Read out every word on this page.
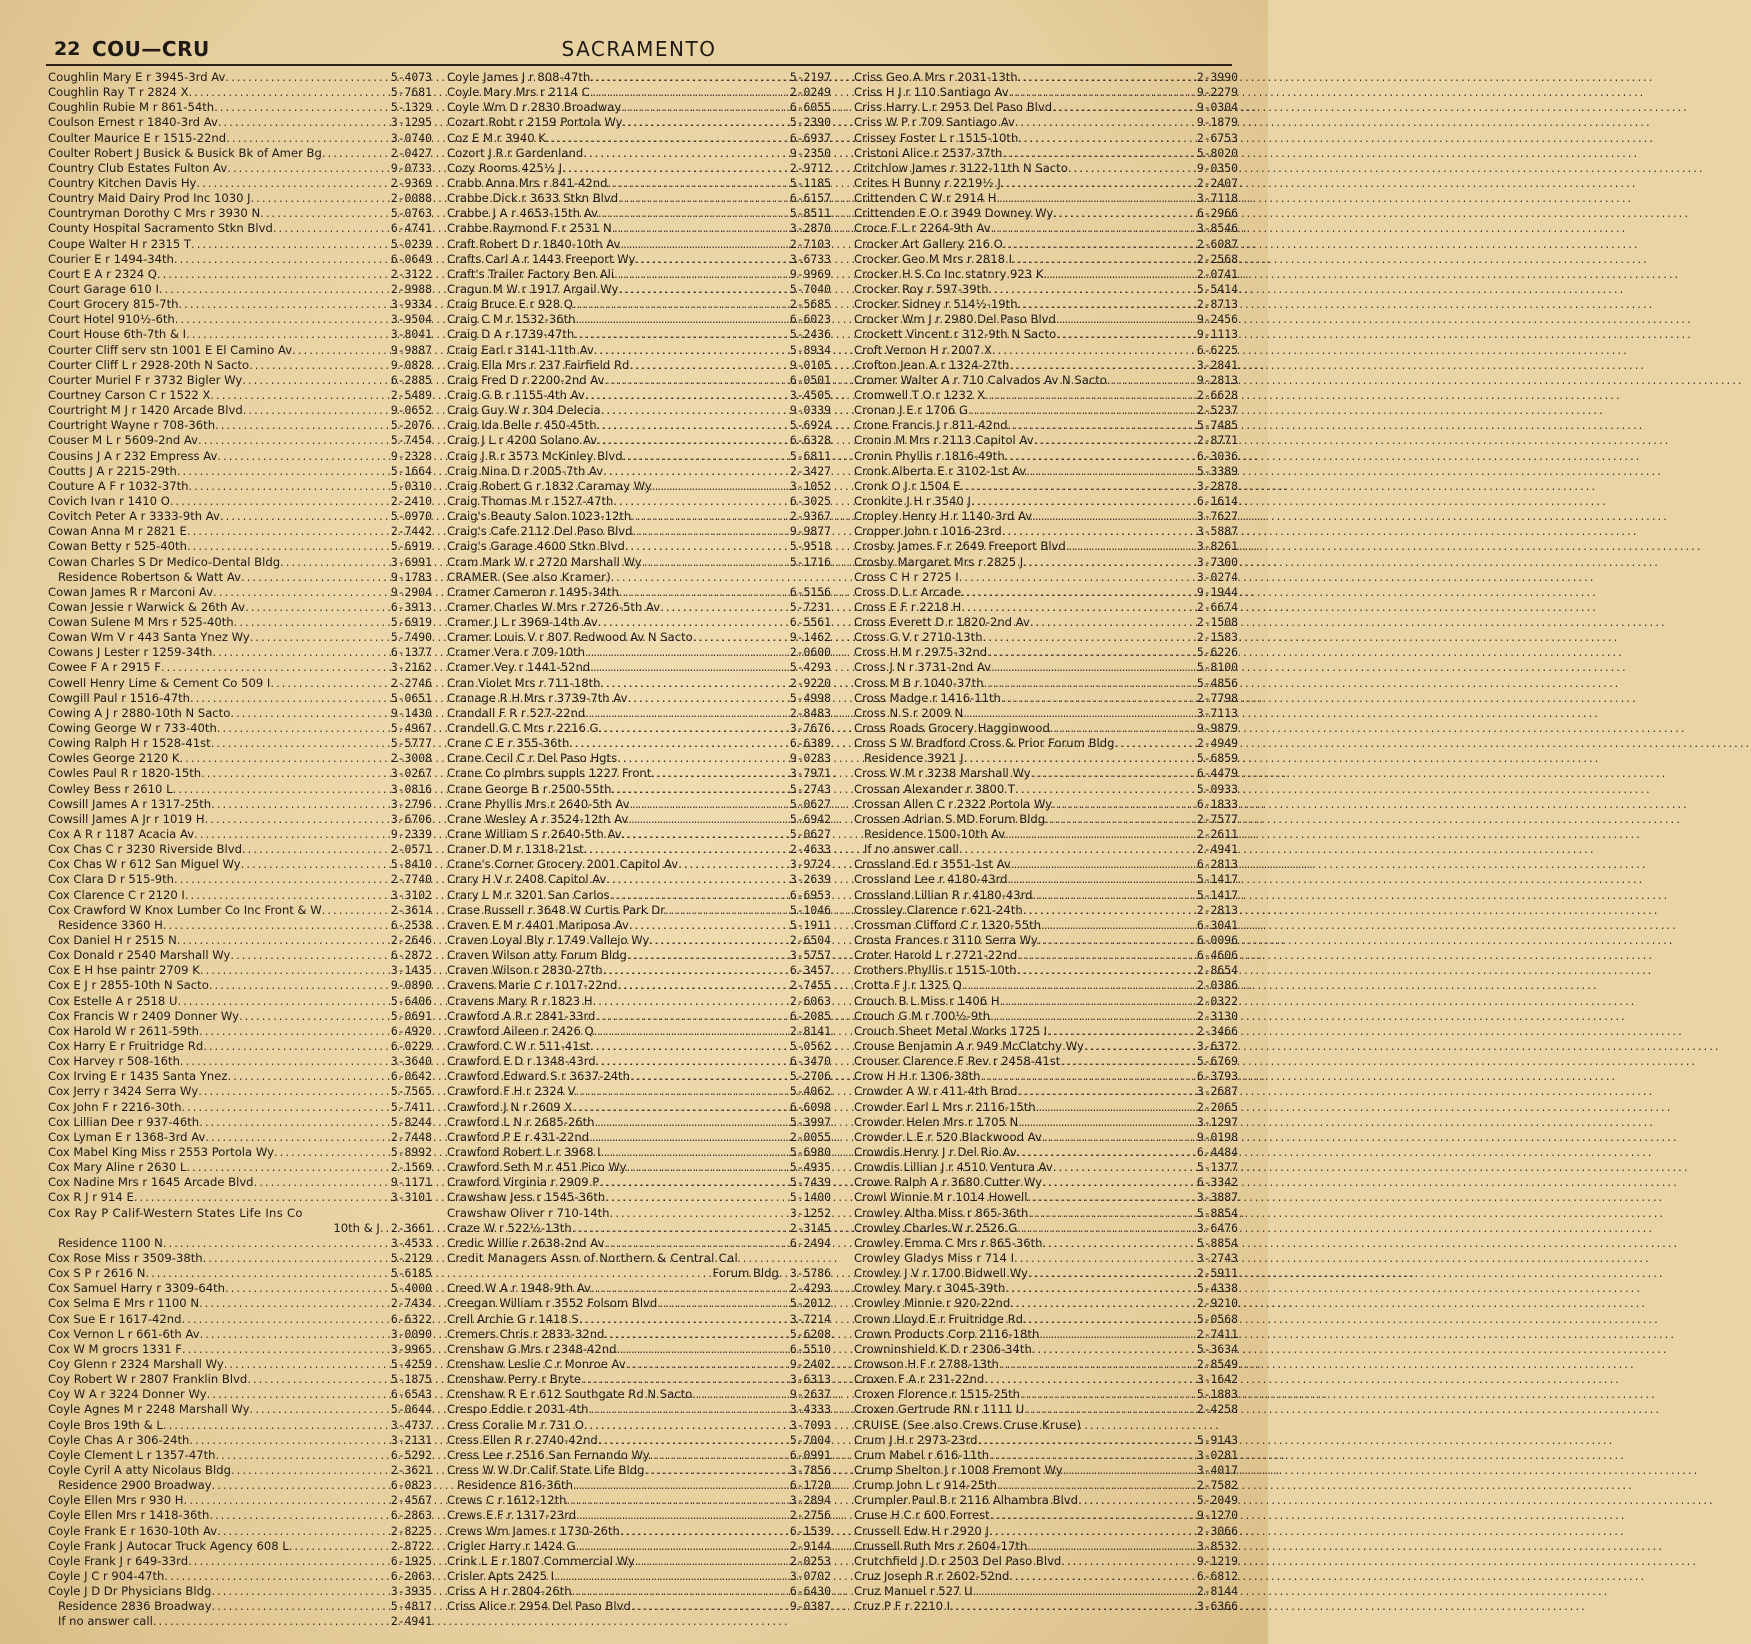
22 COU—CRU	SACRAMENTO
Coughlin Mary E r 3945-3rd Av .....	5-4073
Coughlin Ray T r 2824 X .....	5-7681
Coughlin Rubie M r 861-54th .....	5-1329
Coulson Ernest r 1840-3rd Av .....	3-1295
Coulter Maurice E r 1515-22nd .....	3-0740
Coulter Robert J Busick & Busick Bk of Amer Bg .....	2-0427
Country Club Estates Fulton Av .....	9-0733
Country Kitchen Davis Hy .....	2-9369
Country Maid Dairy Prod Inc 1030 J .....	2-0088
Countryman Dorothy C Mrs r 3930 N .....	5-0763
County Hospital Sacramento Stkn Blvd .....	6-4741
Coupe Walter H r 2315 T .....	5-0239
Courier E r 1494-34th .....	6-0649
Court E A r 2324 Q .....	2-3122
Court Garage 610 I .....	2-9988
Court Grocery 815-7th .....	3-9334
Court Hotel 910½-6th .....	3-9504
Court House 6th-7th & I .....	3-8041
Courter Cliff serv stn 1001 E El Camino Av .....	9-9887
Courter Cliff L r 2928-20th N Sacto .....	9-0828
Courter Muriel F r 3732 Bigler Wy .....	6-2885
Courtney Carson C r 1522 X .....	2-5489
Courtright M J r 1420 Arcade Blvd .....	9-0652
Courtright Wayne r 708-36th .....	5-2076
Couser M L r 5609-2nd Av .....	5-7454
Cousins J A r 232 Empress Av .....	9-2328
Coutts J A r 2215-29th .....	5-1664
Couture A F r 1032-37th .....	5-0310
Covich Ivan r 1410 O .....	2-2410
Covitch Peter A r 3333-9th Av .....	5-0970
Cowan Anna M r 2821 E .....	2-7442
Cowan Betty r 525-40th .....	5-6919
Cowan Charles S Dr Medico-Dental Bldg .....	3-6991
Residence Robertson & Watt Av .....	9-1783
Cowan James R r Marconi Av .....	9-2904
Cowan Jessie r Warwick & 26th Av .....	6-3913
Cowan Sulene M Mrs r 525-40th .....	5-6919
Cowan Wm V r 443 Santa Ynez Wy .....	5-7490
Cowans J Lester r 1259-34th .....	6-1377
Cowee F A r 2915 F .....	3-2162
Cowell Henry Lime & Cement Co 509 I .....	2-2746
Cowgill Paul r 1516-47th .....	5-0651
Cowing A J r 2880-10th N Sacto .....	9-1430
Cowing George W r 733-40th .....	5-4967
Cowing Ralph H r 1528-41st .....	5-5777
Cowles George 2120 K .....	2-3008
Cowles Paul R r 1820-15th .....	3-0267
Cowley Bess r 2610 L .....	3-0816
Cowsill James A r 1317-25th .....	3-2796
Cowsill James A Jr r 1019 H .....	3-6706
Cox A R r 1187 Acacia Av .....	9-2339
Cox Chas C r 3230 Riverside Blvd .....	2-0571
Cox Chas W r 612 San Miguel Wy .....	5-8410
Cox Clara D r 515-9th .....	2-7740
Cox Clarence C r 2120 I .....	3-3102
Cox Crawford W Knox Lumber Co Inc Front & W .....	2-3614
Residence 3360 H .....	6-2538
Cox Daniel H r 2515 N .....	2-2646
Cox Donald r 2540 Marshall Wy .....	6-2872
Cox E H hse paintr 2709 K .....	3-1435
Cox E J r 2855-10th N Sacto .....	9-0890
Cox Estelle A r 2518 U .....	5-6406
Cox Francis W r 2409 Donner Wy .....	5-0691
Cox Harold W r 2611-59th .....	6-4920
Cox Harry E r Fruitridge Rd .....	6-0229
Cox Harvey r 508-16th .....	3-3640
Cox Irving E r 1435 Santa Ynez .....	6-0642
Cox Jerry r 3424 Serra Wy .....	5-7565
Cox John F r 2216-30th .....	5-7411
Cox Lillian Dee r 937-46th .....	5-8244
Cox Lyman E r 1368-3rd Av .....	2-7448
Cox Mabel King Miss r 2553 Portola Wy .....	5-8992
Cox Mary Aline r 2630 L .....	2-1569
Cox Nadine Mrs r 1645 Arcade Blvd .....	9-1171
Cox R J r 914 E .....	3-3101
Cox Ray P Calif-Western States Life Ins Co
10th & J ..... 2-3661
Residence 1100 N .....	3-4533
Cox Rose Miss r 3509-38th .....	5-2129
Cox S P r 2616 N .....	5-6185
Cox Samuel Harry r 3309-64th .....	5-4000
Cox Selma E Mrs r 1100 N .....	2-7434
Cox Sue E r 1617-42nd .....	6-6322
Cox Vernon L r 661-6th Av .....	3-0090
Cox W M grocrs 1331 F .....	3-9965
Coy Glenn r 2324 Marshall Wy .....	5-4259
Coy Robert W r 2807 Franklin Blvd .....	5-1875
Coy W A r 3224 Donner Wy .....	6-6543
Coyle Agnes M r 2248 Marshall Wy .....	5-0644
Coyle Bros 19th & L .....	3-4737
Coyle Chas A r 306-24th .....	3-2131
Coyle Clement L r 1357-47th .....	6-5292
Coyle Cyril A atty Nicolaus Bldg .....	2-3621
Residence 2900 Broadway .....	6-0823
Coyle Ellen Mrs r 930 H .....	2-4567
Coyle Ellen Mrs r 1418-36th .....	6-2863
Coyle Frank E r 1630-10th Av .....	2-8225
Coyle Frank J Autocar Truck Agency 608 L .....	2-8722
Coyle Frank J r 649-33rd .....	6-1925
Coyle J C r 904-47th .....	6-2063
Coyle J D Dr Physicians Bldg .....	3-3935
Residence 2836 Broadway .....	5-4817
If no answer call .....	2-4941
Coyle James J r 808-47th .....	5-2197
Coyle Mary Mrs r 2114 C .....	2-0249
Coyle Wm D r 2830 Broadway .....	6-6055
Cozart Robt r 2159 Portola Wy .....	5-2390
Coz E M r 3940 K .....	6-6937
Cozort J R r Gardenland .....	9-2350
Cozy Rooms 425½ J .....	2-9712
Crabb Anna Mrs r 841-42nd .....	5-1185
Crabbe Dick r 3633 Stkn Blvd .....	6-6157
Crabbe J A r 4653-15th Av .....	5-8511
Crabbe Raymond F r 2531 N .....	3-2870
Craft Robert D r 1840-10th Av .....	2-7103
Crafts Carl A r 1443 Freeport Wy .....	3-6733
Craft's Trailer Factory Ben Ali .....	9-9969
Cragun M W r 1917 Argail Wy .....	5-7040
Craig Bruce E r 928 Q .....	2-5685
Craig C M r 1532-36th .....	6-6023
Craig D A r 1739-47th .....	5-2436
Craig Earl r 3141-11th Av .....	5-8934
Craig Ella Mrs r 237 Fairfield Rd .....	9-0105
Craig Fred D r 2200-2nd Av .....	6-0501
Craig G B r 1155-4th Av .....	3-4505
Craig Guy W r 304 Delecia .....	9-0339
Craig Ida Belle r 450-45th .....	5-6924
Craig J L r 4200 Solano Av .....	6-6328
Craig J R r 3573 McKinley Blvd .....	5-6811
Craig Nina D r 2005-7th Av .....	2-3427
Craig Robert G r 1832 Caramay Wy .....	3-1052
Craig Thomas M r 1527-47th .....	6-3025
Craig's Beauty Salon 1023-12th .....	2-9367
Craig's Cafe 2112 Del Paso Blvd .....	9-9877
Craig's Garage 4600 Stkn Blvd .....	5-9518
Cram Mark W r 2720 Marshall Wy .....	5-1716
CRAMER (See also Kramer)
Cramer Cameron r 1495-34th .....	6-5156
Cramer Charles W Mrs r 2726-5th Av .....	5-7231
Cramer J L r 3969-14th Av .....	6-5561
Cramer Louis V r 807 Redwood Av N Sacto .....	9-1462
Cramer Vera r 709-10th .....	2-0600
Cramer Vey r 1441-52nd .....	5-4293
Cran Violet Mrs r 711-18th .....	2-9220
Cranage R H Mrs r 3739-7th Av .....	5-4998
Crandall F R r 527-22nd .....	2-8483
Crandell G C Mrs r 2216 G .....	3-7676
Crane C E r 355-36th .....	6-6389
Crane Cecil C r Del Paso Hgts .....	9-0283
Crane Co plmbrs suppls 1227 Front .....	3-7971
Crane George B r 2500-55th .....	5-2743
Crane Phyllis Mrs r 2640-5th Av .....	5-0627
Crane Wesley A r 3524-12th Av .....	5-6942
Crane William S r 2640-5th Av .....	5-0627
Craner D M r 1318-21st .....	2-4633
Crane's Corner Grocery 2001 Capitol Av .....	3-9724
Crary H V r 2408 Capitol Av .....	3-2639
Crary L M r 3201 San Carlos .....	6-6953
Crase Russell r 3648 W Curtis Park Dr .....	5-1046
Craven E M r 4401 Mariposa Av .....	5-1911
Craven Loyal Bly r 1749 Vallejo Wy .....	2-6504
Craven Wilson atty Forum Bldg .....	3-5757
Craven Wilson r 2830-27th .....	6-3457
Cravens Marie C r 1017-22nd .....	2-7455
Cravens Mary R r 1823 H .....	2-6063
Crawford A R r 2841-33rd .....	6-2085
Crawford Aileen r 2426 Q .....	2-8141
Crawford C W r 511-41st .....	5-0562
Crawford E D r 1348-43rd .....	6-3470
Crawford Edward S r 3637-24th .....	5-2706
Crawford F H r 2324 V .....	5-4062
Crawford J N r 2609 X .....	6-6098
Crawford L N r 2685-26th .....	5-3997
Crawford P E r 431-22nd .....	2-0055
Crawford Robert L r 3968 I .....	5-6980
Crawford Seth M r 451 Pico Wy .....	5-4935
Crawford Virginia r 2909 P .....	5-7439
Crawshaw Jess r 1545-36th .....	5-1400
Crawshaw Oliver r 710-14th .....	3-1252
Craze W r 522½-13th .....	2-3145
Credic Willie r 2638-2nd Av .....	6-2494
Credit Managers Assn of Northern & Central Cal
Forum Bldg ..... 3-5786
Creed W A r 1948-9th Av .....	2-4293
Creegan William r 3552 Folsom Blvd .....	5-2012
Crell Archie G r 1418 S .....	3-7214
Cremers Chris r 2833-32nd .....	5-6208
Crenshaw G Mrs r 2348-42nd .....	6-5510
Crenshaw Leslie C r Monroe Av .....	9-2402
Crenshaw Perry r Bryte .....	3-6313
Crenshaw R E r 612 Southgate Rd N Sacto .....	9-2637
Crespo Eddie r 2031-4th .....	3-4333
Cress Coralie M r 731 O .....	3-7093
Cress Ellen R r 2740-42nd .....	5-7004
Cress Lee r 2516 San Fernando Wy .....	6-0991
Cress W W Dr Calif State Life Bldg .....	3-7856
Residence 816-36th .....	6-1720
Crews C r 1612-12th .....	3-2894
Crews E F r 1317-23rd .....	2-2756
Crews Wm James r 1730-26th .....	6-1539
Crigler Harry r 1424 G .....	2-9144
Crink L E r 1807 Commercial Wy .....	2-0253
Crisler Apts 2425 I .....	3-0702
Criss A H r 2804-26th .....	6-6430
Criss Alice r 2954 Del Paso Blvd .....	9-0387
Criss Geo A Mrs r 2031-13th .....	2-3990
Criss H J r 110 Santiago Av .....	9-2279
Criss Harry L r 2953 Del Paso Blvd .....	9-0304
Criss W P r 709 Santiago Av .....	9-1879
Crissey Foster L r 1515-10th .....	2-6753
Cristoni Alice r 2537-37th .....	5-8020
Critchlow James r 3122-11th N Sacto .....	9-0350
Crites H Bunny r 2219½ J .....	2-2407
Crittenden C W r 2914 H .....	3-7118
Crittenden E O r 3949 Downey Wy .....	6-2966
Croce F L r 2264-9th Av .....	3-8546
Crocker Art Gallery 216 O .....	2-6087
Crocker Geo M Mrs r 2818 I .....	2-2568
Crocker H S Co Inc statnry 923 K .....	2-0741
Crocker Roy r 597-39th .....	5-5414
Crocker Sidney r 514½-19th .....	2-8713
Crocker Wm J r 2980 Del Paso Blvd .....	9-2456
Crockett Vincent r 312-9th N Sacto .....	9-1113
Croft Vernon H r 2007 X .....	6-6225
Crofton Jean A r 1324-27th .....	3-2841
Cromer Walter A r 710 Calvados Av N Sacto .....	9-2813
Cromwell T O r 1232 X .....	2-6628
Cronan J E r 1706 G .....	2-5237
Crone Francis J r 811-42nd .....	5-7485
Cronin M Mrs r 2113 Capitol Av .....	2-8771
Cronin Phyllis r 1816-49th .....	6-3036
Cronk Alberta E r 3102-1st Av .....	5-3389
Cronk O J r 1504 E .....	3-2878
Cronkite J H r 3540 J .....	6-1614
Cropley Henry H r 1140-3rd Av .....	3-7627
Cropper John r 1016-23rd .....	3-5887
Crosby James F r 2649 Freeport Blvd .....	3-8261
Crosby Margaret Mrs r 2825 J .....	3-7300
Cross C H r 2725 I .....	3-0274
Cross D L r Arcade .....	9-1944
Cross E F r 2218 H .....	2-6674
Cross Everett D r 1820-2nd Av .....	2-1508
Cross G V r 2710-13th .....	2-1583
Cross H M r 2975-32nd .....	5-6226
Cross J N r 3731-2nd Av .....	5-8100
Cross M B r 1040-37th .....	5-4856
Cross Madge r 1416-11th .....	2-7798
Cross N S r 2009 N .....	3-7113
Cross Roads Grocery Hagginwood .....	9-9879
Cross S W Bradford Cross & Prior Forum Bldg .....	2-4949
Residence 3921 J .....	5-6859
Cross W M r 3238 Marshall Wy .....	6-4479
Crossan Alexander r 3800 T .....	5-0933
Crossan Allen C r 2322 Portola Wy .....	6-1833
Crossen Adrian S MD Forum Bldg .....	2-7577
Residence 1500-10th Av .....	2-2611
If no answer call .....	2-4941
Crossland Ed r 3551-1st Av .....	6-2813
Crossland Lee r 4180-43rd .....	5-1417
Crossland Lillian R r 4180-43rd .....	5-1417
Crossley Clarence r 621-24th .....	2-2813
Crossman Clifford C r 1320-55th .....	6-3041
Crosta Frances r 3110 Serra Wy .....	6-0096
Croter Harold L r 2721-22nd .....	6-4606
Crothers Phyllis r 1515-10th .....	2-8654
Crotta F J r 1325 Q .....	2-0386
Crouch B L Miss r 1406 H .....	2-0322
Crouch G M r 700½-9th .....	2-3130
Crouch Sheet Metal Works 1725 I .....	2-3466
Crouse Benjamin A r 949 McClatchy Wy .....	3-6372
Crouser Clarence F Rev r 2458-41st .....	5-6769
Crow H H r 1306-38th .....	6-3793
Crowder A W r 411-4th Brod .....	3-2687
Crowder Earl L Mrs r 2116-15th .....	2-2065
Crowder Helen Mrs r 1705 N .....	3-1297
Crowder L E r 520 Blackwood Av .....	9-0198
Crowdis Henry J r Del Rio Av .....	6-4484
Crowdis Lillian J r 4510 Ventura Av .....	5-1377
Crowe Ralph A r 3680 Cutter Wy .....	6-3342
Crowl Winnie M r 1014 Howell .....	3-3887
Crowley Altha Miss r 865-36th .....	5-8854
Crowley Charles W r 2526 G .....	3-6476
Crowley Emma C Mrs r 865-36th .....	5-8854
Crowley Gladys Miss r 714 I .....	3-2743
Crowley J V r 1700 Bidwell Wy .....	2-5911
Crowley Mary r 3045-39th .....	5-4338
Crowley Minnie r 920-22nd .....	2-9210
Crown Lloyd E r Fruitridge Rd .....	5-0568
Crown Products Corp 2116-18th .....	2-7411
Crowninshield K D r 2306-34th .....	5-3634
Crowson H F r 2788-13th .....	2-8549
Croxen F A r 231-22nd .....	3-1642
Croxen Florence r 1515-25th .....	5-1883
Croxen Gertrude RN r 1111 U .....	2-4258
CRUISE (See also Crews Cruse Kruse)
Crum J H r 2973-23rd .....	5-9143
Crum Mabel r 616-11th .....	3-0281
Crump Shelton J r 1008 Fremont Wy .....	3-4017
Crump John L r 914-25th .....	2-7582
Crumpler Paul B r 2116 Alhambra Blvd .....	5-2049
Cruse H C r 600 Forrest .....	9-1270
Crussell Edw H r 2920 J .....	2-3066
Crussell Ruth Mrs r 2604-17th .....	3-8532
Crutchfield J D r 2503 Del Paso Blvd .....	9-1219
Cruz Joseph R r 2602-52nd .....	6-6812
Cruz Manuel r 527 U .....	2-8144
Cruz P F r 2210 I .....	3-6366
